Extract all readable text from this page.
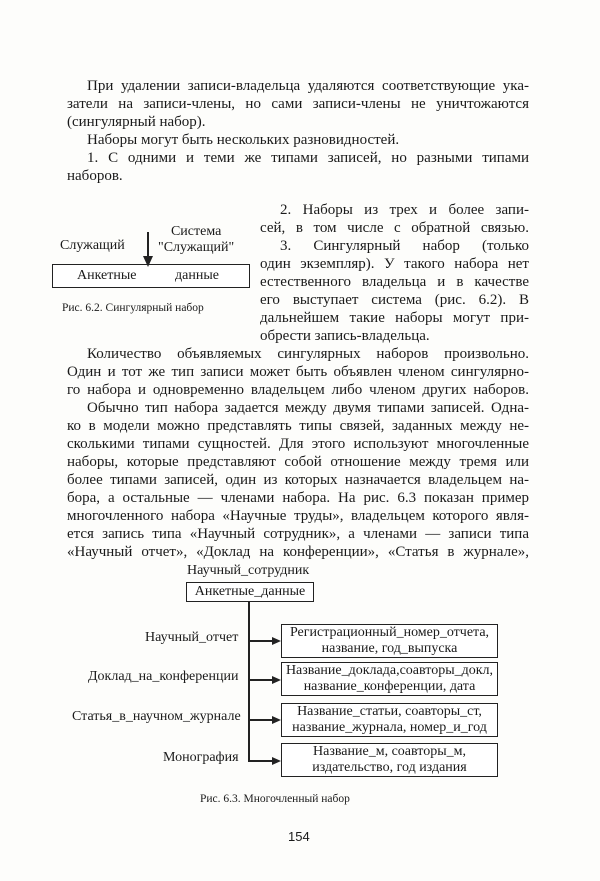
При удалении записи-владельца удаляются соответствующие ука-
затели на записи-члены, но сами записи-члены не уничтожаются
(сингулярный набор).
Наборы могут быть нескольких разновидностей.
1. С одними и теми же типами записей, но разными типами
наборов.
2. Наборы из трех и более запи-
сей, в том числе с обратной связью.
3. Сингулярный набор (только
один экземпляр). У такого набора нет
естественного владельца и в качестве
его выступает система (рис. 6.2). В
дальнейшем такие наборы могут при-
обрести запись-владельца.
Служащий
Система
"Служащий"
Анкетные	данные
Рис. 6.2. Сингулярный набор
Количество объявляемых сингулярных наборов произвольно.
Один и тот же тип записи может быть объявлен членом сингулярно-
го набора и одновременно владельцем либо членом других наборов.
Обычно тип набора задается между двумя типами записей. Одна-
ко в модели можно представлять типы связей, заданных между не-
сколькими типами сущностей. Для этого используют многочленные
наборы, которые представляют собой отношение между тремя или
более типами записей, один из которых назначается владельцем на-
бора, а остальные — членами набора. На рис. 6.3 показан пример
многочленного набора «Научные труды», владельцем которого явля-
ется запись типа «Научный сотрудник», а членами — записи типа
«Научный отчет», «Доклад на конференции», «Статья в журнале»,
Научный_сотрудник
Анкетные_данные
Научный_отчет	Регистрационный_номер_отчета,
название, год_выпуска
Доклад_на_конференции	Название_доклада,соавторы_докл,
название_конференции, дата
Статья_в_научном_журнале	Название_статьи, соавторы_ст,
название_журнала, номер_и_год
Монография	Название_м, соавторы_м,
издательство, год издания
Рис. 6.3. Многочленный набор
154
